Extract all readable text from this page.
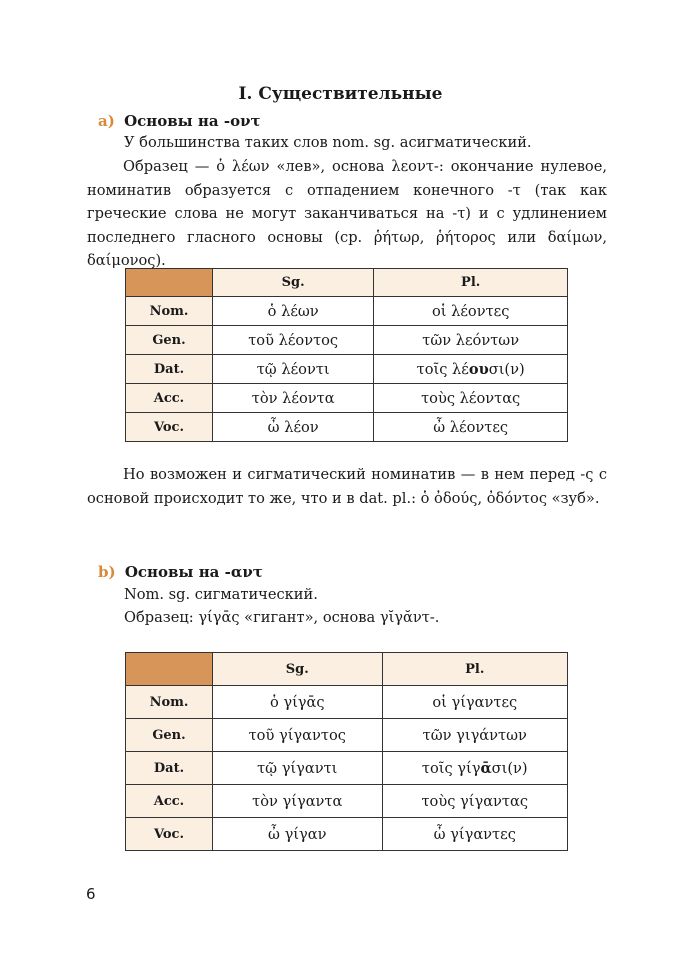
I. Существительные
a) Основы на -οντ
У большинства таких слов nom. sg. асигматический.
Образец — ὁ λέων «лев», основа λεοντ-: окончание нулевое, номинатив образуется с отпадением конечного -τ (так как греческие слова не могут заканчиваться на -τ) и с удлинением последнего гласного основы (ср. ῥήτωρ, ῥήτορος или δαίμων, δαίμονος).
	Sg.	Pl.
Nom.	ὁ λέων	οἱ λέοντες
Gen.	τοῦ λέοντος	τῶν λεόντων
Dat.	τῷ λέοντι	τοῖς λέουσι(ν)
Acc.	τὸν λέοντα	τοὺς λέοντας
Voc.	ὦ λέον	ὦ λέοντες
Но возможен и сигматический номинатив — в нем перед -ς с основой происходит то же, что и в dat. pl.: ὁ ὀδούς, ὀδόντος «зуб».
b) Основы на -αντ
Nom. sg. сигматический.
Образец: γίγᾱς «гигант», основа γῐγᾰντ-.
	Sg.	Pl.
Nom.	ὁ γίγᾱς	οἱ γίγαντες
Gen.	τοῦ γίγαντος	τῶν γιγάντων
Dat.	τῷ γίγαντι	τοῖς γίγᾱσι(ν)
Acc.	τὸν γίγαντα	τοὺς γίγαντας
Voc.	ὦ γίγαν	ὦ γίγαντες
6
